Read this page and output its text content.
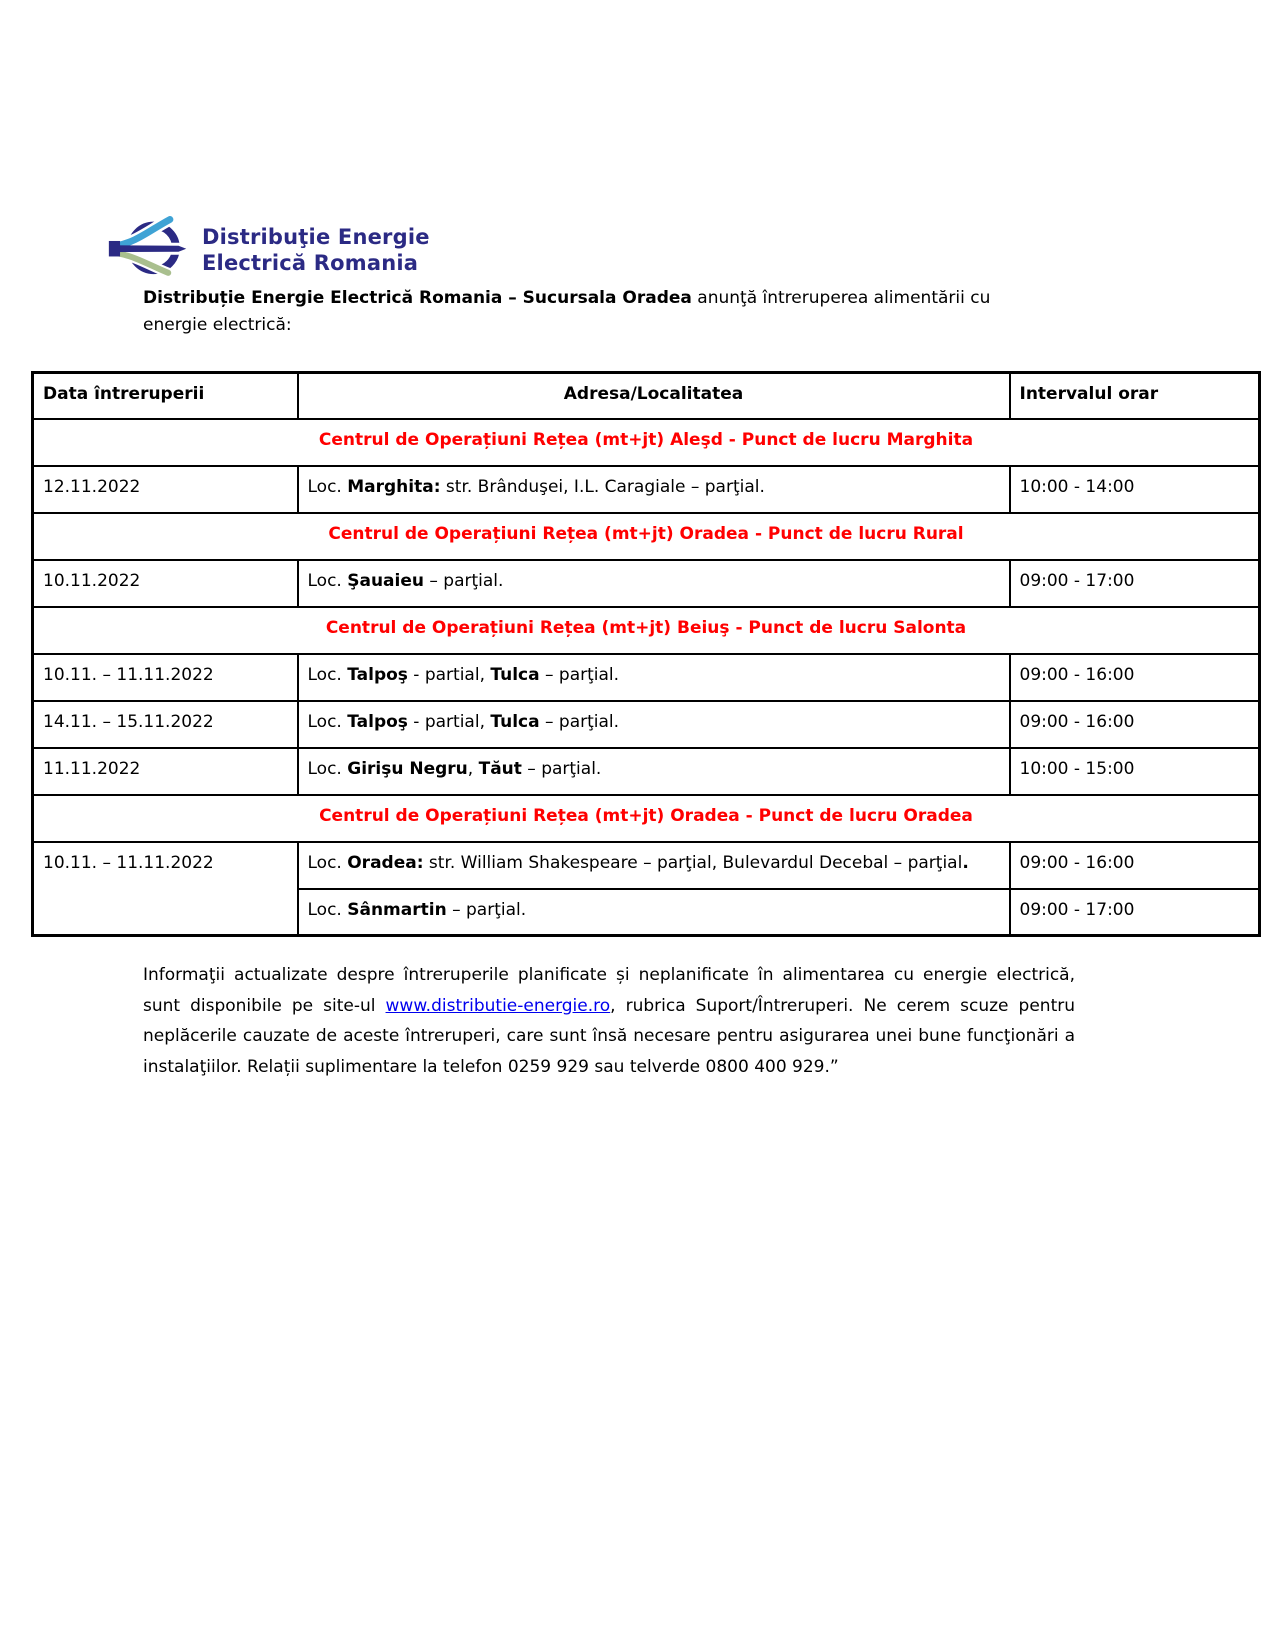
Distribuţie Energie
Electrică Romania

Distribuție Energie Electrică Romania – Sucursala Oradea anunţă întreruperea alimentării cu energie electrică:

Data întreruperii	Adresa/Localitatea	Intervalul orar
Centrul de Operațiuni Rețea (mt+jt) Aleşd - Punct de lucru Marghita		
12.11.2022	Loc. Marghita: str. Brânduşei, I.L. Caragiale – parţial.	10:00 - 14:00
Centrul de Operațiuni Rețea (mt+jt) Oradea - Punct de lucru Rural		
10.11.2022	Loc. Şauaieu – parţial.	09:00 - 17:00
Centrul de Operațiuni Rețea (mt+jt) Beiuş - Punct de lucru Salonta		
10.11. – 11.11.2022	Loc. Talpoş - partial, Tulca – parţial.	09:00 - 16:00
14.11. – 15.11.2022	Loc. Talpoş - partial, Tulca – parţial.	09:00 - 16:00
11.11.2022	Loc. Girişu Negru, Tăut – parţial.	10:00 - 15:00
Centrul de Operațiuni Rețea (mt+jt) Oradea - Punct de lucru Oradea		
10.11. – 11.11.2022	Loc. Oradea: str. William Shakespeare – parţial, Bulevardul Decebal – parţial.	09:00 - 16:00
	Loc. Sânmartin – parţial.	09:00 - 17:00

Informaţii actualizate despre întreruperile planificate și neplanificate în alimentarea cu energie electrică, sunt disponibile pe site-ul www.distributie-energie.ro, rubrica Suport/Întreruperi. Ne cerem scuze pentru neplăcerile cauzate de aceste întreruperi, care sunt însă necesare pentru asigurarea unei bune funcţionări a instalaţiilor. Relații suplimentare la telefon 0259 929 sau telverde 0800 400 929.”
